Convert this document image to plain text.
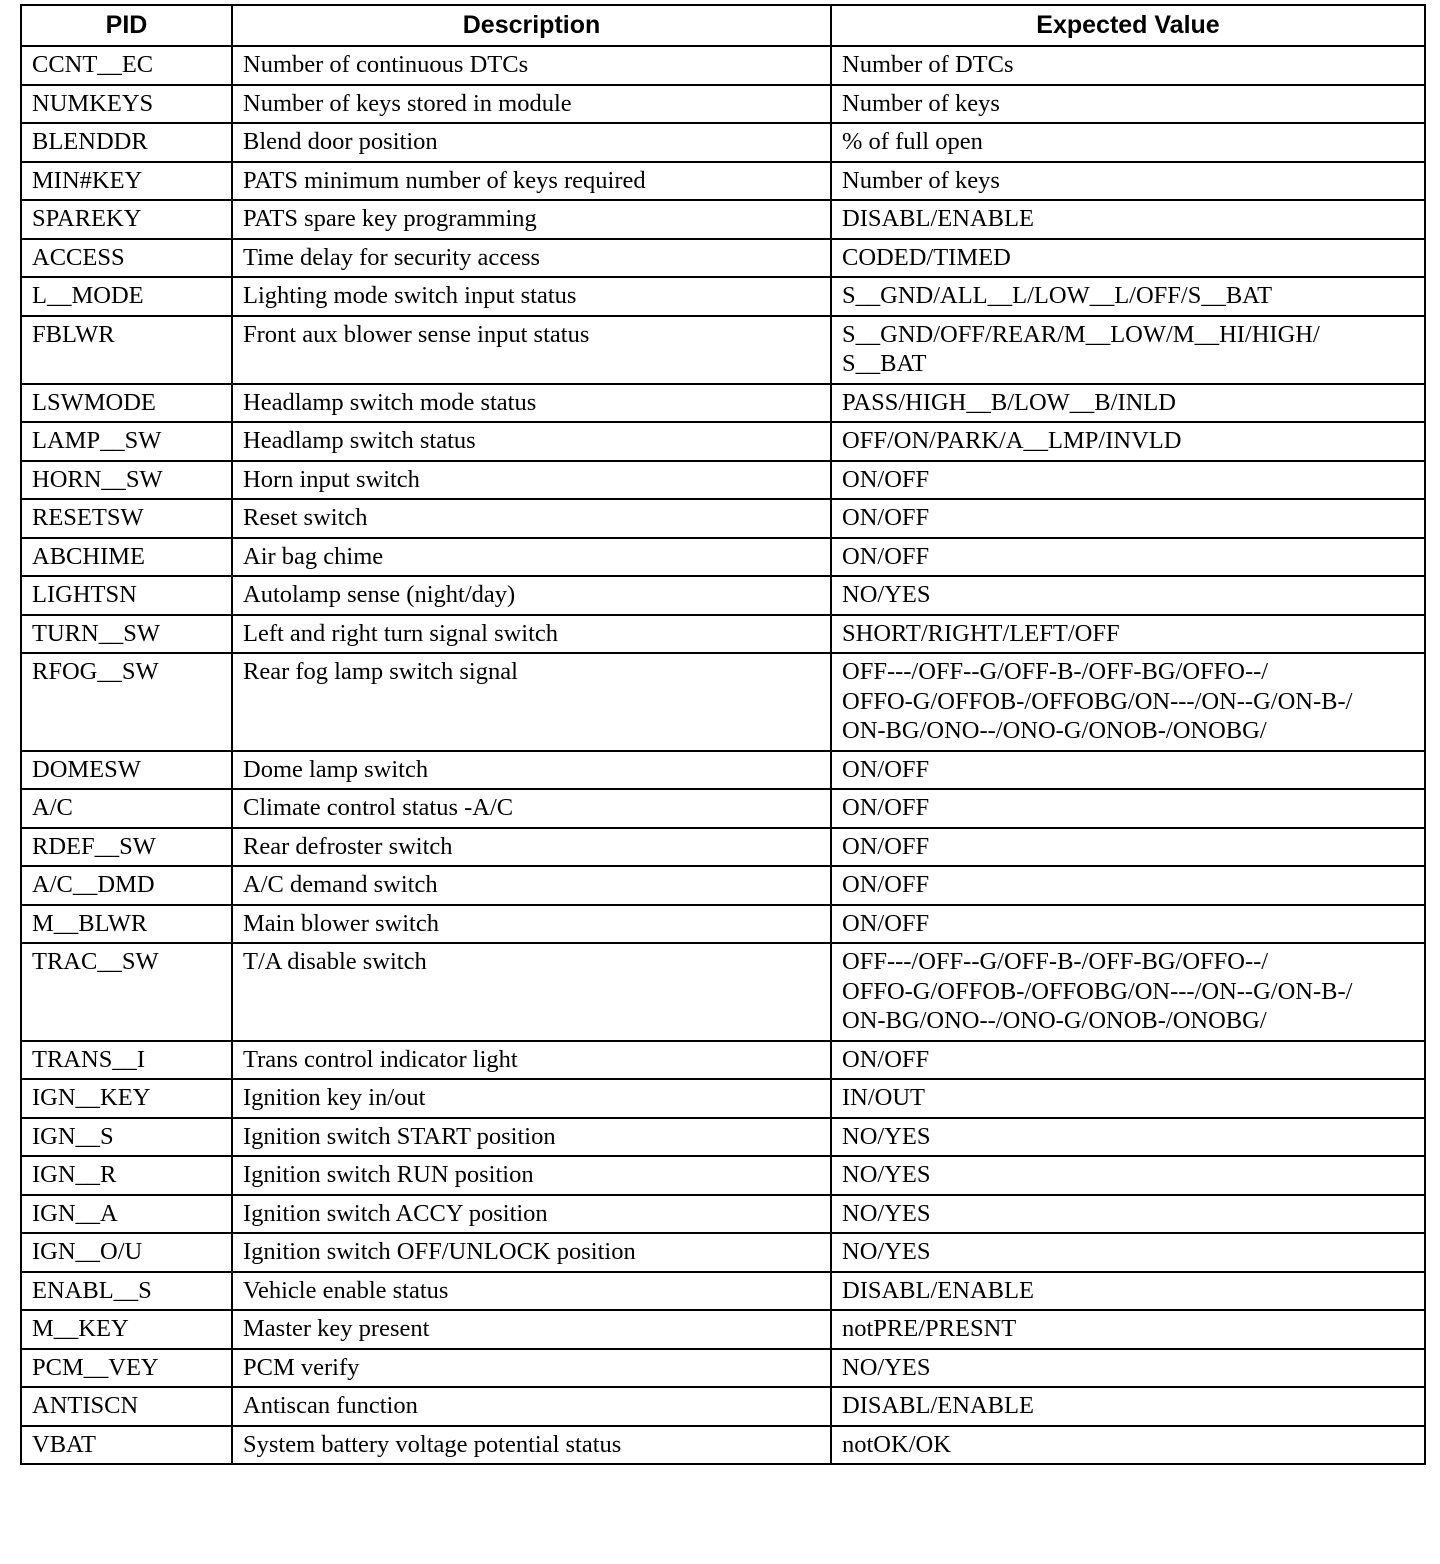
PID	Description	Expected Value
CCNT__EC	Number of continuous DTCs	Number of DTCs
NUMKEYS	Number of keys stored in module	Number of keys
BLENDDR	Blend door position	% of full open
MIN#KEY	PATS minimum number of keys required	Number of keys
SPAREKY	PATS spare key programming	DISABL/ENABLE
ACCESS	Time delay for security access	CODED/TIMED
L__MODE	Lighting mode switch input status	S__GND/ALL__L/LOW__L/OFF/S__BAT
FBLWR	Front aux blower sense input status	S__GND/OFF/REAR/M__LOW/M__HI/HIGH/
S__BAT
LSWMODE	Headlamp switch mode status	PASS/HIGH__B/LOW__B/INLD
LAMP__SW	Headlamp switch status	OFF/ON/PARK/A__LMP/INVLD
HORN__SW	Horn input switch	ON/OFF
RESETSW	Reset switch	ON/OFF
ABCHIME	Air bag chime	ON/OFF
LIGHTSN	Autolamp sense (night/day)	NO/YES
TURN__SW	Left and right turn signal switch	SHORT/RIGHT/LEFT/OFF
RFOG__SW	Rear fog lamp switch signal	OFF---/OFF--G/OFF-B-/OFF-BG/OFFO--/
OFFO-G/OFFOB-/OFFOBG/ON---/ON--G/ON-B-/
ON-BG/ONO--/ONO-G/ONOB-/ONOBG/
DOMESW	Dome lamp switch	ON/OFF
A/C	Climate control status -A/C	ON/OFF
RDEF__SW	Rear defroster switch	ON/OFF
A/C__DMD	A/C demand switch	ON/OFF
M__BLWR	Main blower switch	ON/OFF
TRAC__SW	T/A disable switch	OFF---/OFF--G/OFF-B-/OFF-BG/OFFO--/
OFFO-G/OFFOB-/OFFOBG/ON---/ON--G/ON-B-/
ON-BG/ONO--/ONO-G/ONOB-/ONOBG/
TRANS__I	Trans control indicator light	ON/OFF
IGN__KEY	Ignition key in/out	IN/OUT
IGN__S	Ignition switch START position	NO/YES
IGN__R	Ignition switch RUN position	NO/YES
IGN__A	Ignition switch ACCY position	NO/YES
IGN__O/U	Ignition switch OFF/UNLOCK position	NO/YES
ENABL__S	Vehicle enable status	DISABL/ENABLE
M__KEY	Master key present	notPRE/PRESNT
PCM__VEY	PCM verify	NO/YES
ANTISCN	Antiscan function	DISABL/ENABLE
VBAT	System battery voltage potential status	notOK/OK
